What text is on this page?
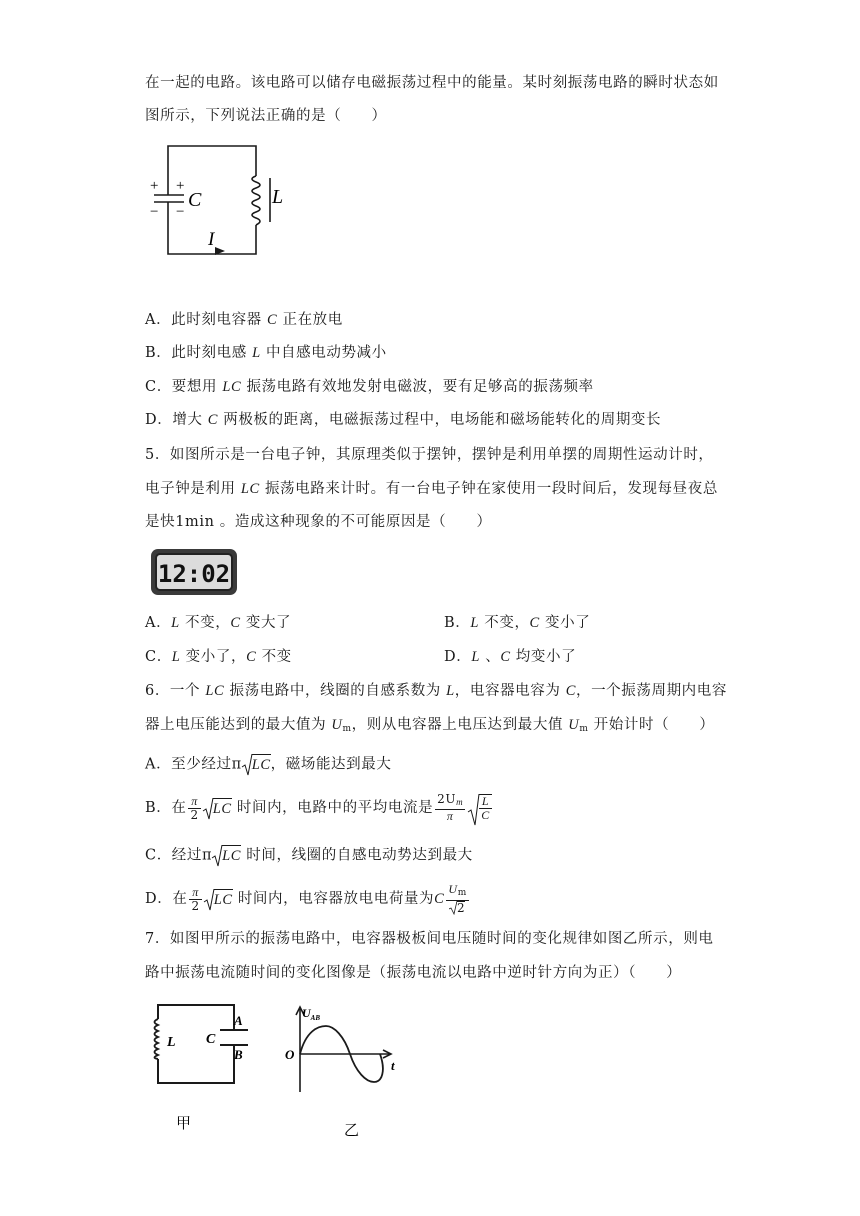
在一起的电路。该电路可以储存电磁振荡过程中的能量。某时刻振荡电路的瞬时状态如
图所示，下列说法正确的是（　　）
+ +
− −
C	L
I
A．此时刻电容器 C 正在放电
B．此时刻电感 L 中自感电动势减小
C．要想用 LC 振荡电路有效地发射电磁波，要有足够高的振荡频率
D．增大 C 两极板的距离，电磁振荡过程中，电场能和磁场能转化的周期变长
5．如图所示是一台电子钟，其原理类似于摆钟，摆钟是利用单摆的周期性运动计时，
电子钟是利用 LC 振荡电路来计时。有一台电子钟在家使用一段时间后，发现每昼夜总
是快1min 。造成这种现象的不可能原因是（　　）
12:02
A．L 不变，C 变大了	B．L 不变，C 变小了
C．L 变小了，C 不变	D．L 、C 均变小了
6．一个 LC 振荡电路中，线圈的自感系数为 L，电容器电容为 C，一个振荡周期内电容
器上电压能达到的最大值为 $U_m$，则从电容器上电压达到最大值 $U_m$ 开始计时（　　）
A．至少经过π LC，磁场能达到最大
B．在 $\frac{\pi}{2}$ LC 时间内，电路中的平均电流是 $\frac{2U_m}{\pi} \frac{L}{C}$
C．经过π LC 时间，线圈的自感电动势达到最大
D．在 $\frac{\pi}{2}$ LC 时间内，电容器放电电荷量为C $\frac{U_m}{2}$
7．如图甲所示的振荡电路中，电容器极板间电压随时间的变化规律如图乙所示，则电
路中振荡电流随时间的变化图像是（振荡电流以电路中逆时针方向为正）（　　）
L C
A
B
甲
$U_{AB}$
O
t
乙
